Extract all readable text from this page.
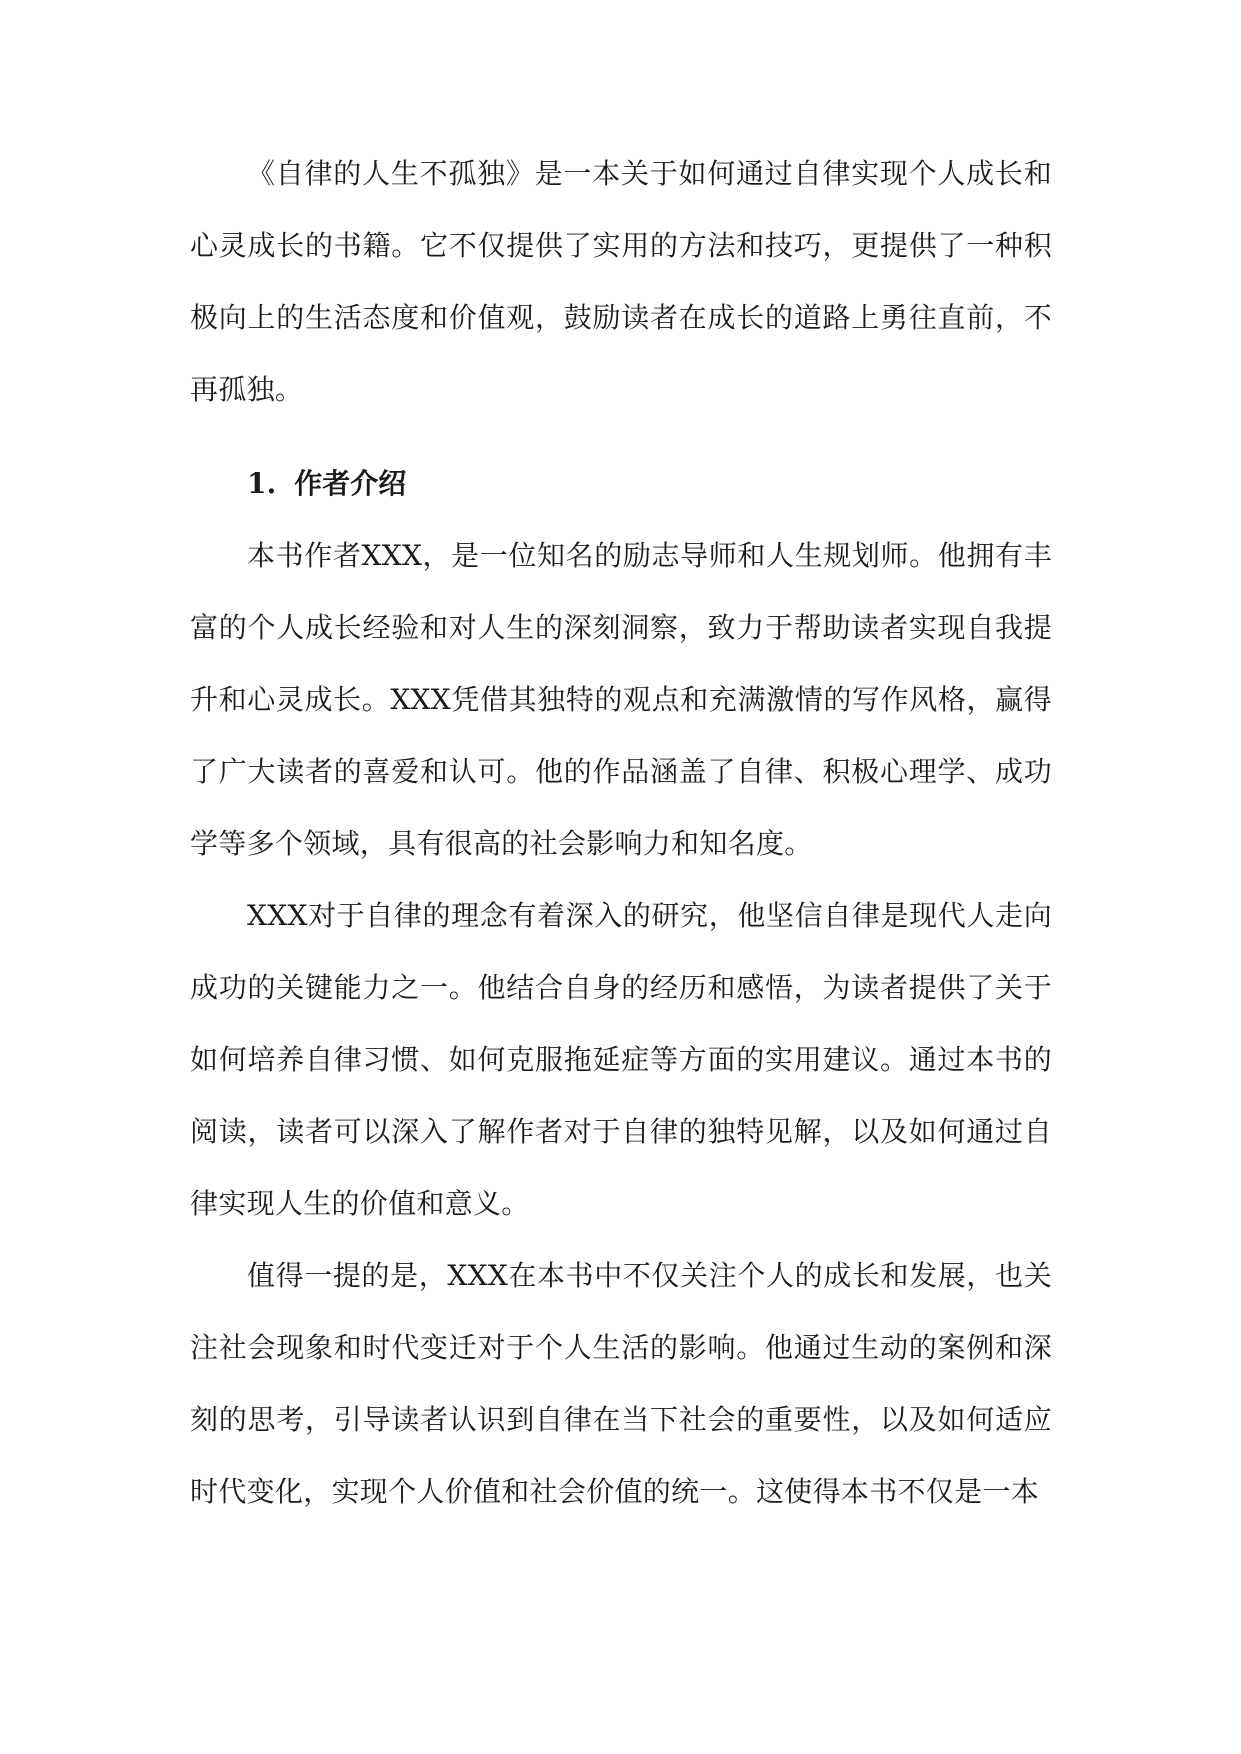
《自律的人生不孤独》是一本关于如何通过自律实现个人成长和心灵成长的书籍。它不仅提供了实用的方法和技巧，更提供了一种积极向上的生活态度和价值观，鼓励读者在成长的道路上勇往直前，不再孤独。

1. 作者介绍

本书作者XXX，是一位知名的励志导师和人生规划师。他拥有丰富的个人成长经验和对人生的深刻洞察，致力于帮助读者实现自我提升和心灵成长。XXX凭借其独特的观点和充满激情的写作风格，赢得了广大读者的喜爱和认可。他的作品涵盖了自律、积极心理学、成功学等多个领域，具有很高的社会影响力和知名度。

XXX对于自律的理念有着深入的研究，他坚信自律是现代人走向成功的关键能力之一。他结合自身的经历和感悟，为读者提供了关于如何培养自律习惯、如何克服拖延症等方面的实用建议。通过本书的阅读，读者可以深入了解作者对于自律的独特见解，以及如何通过自律实现人生的价值和意义。

值得一提的是，XXX在本书中不仅关注个人的成长和发展，也关注社会现象和时代变迁对于个人生活的影响。他通过生动的案例和深刻的思考，引导读者认识到自律在当下社会的重要性，以及如何适应时代变化，实现个人价值和社会价值的统一。这使得本书不仅是一本
